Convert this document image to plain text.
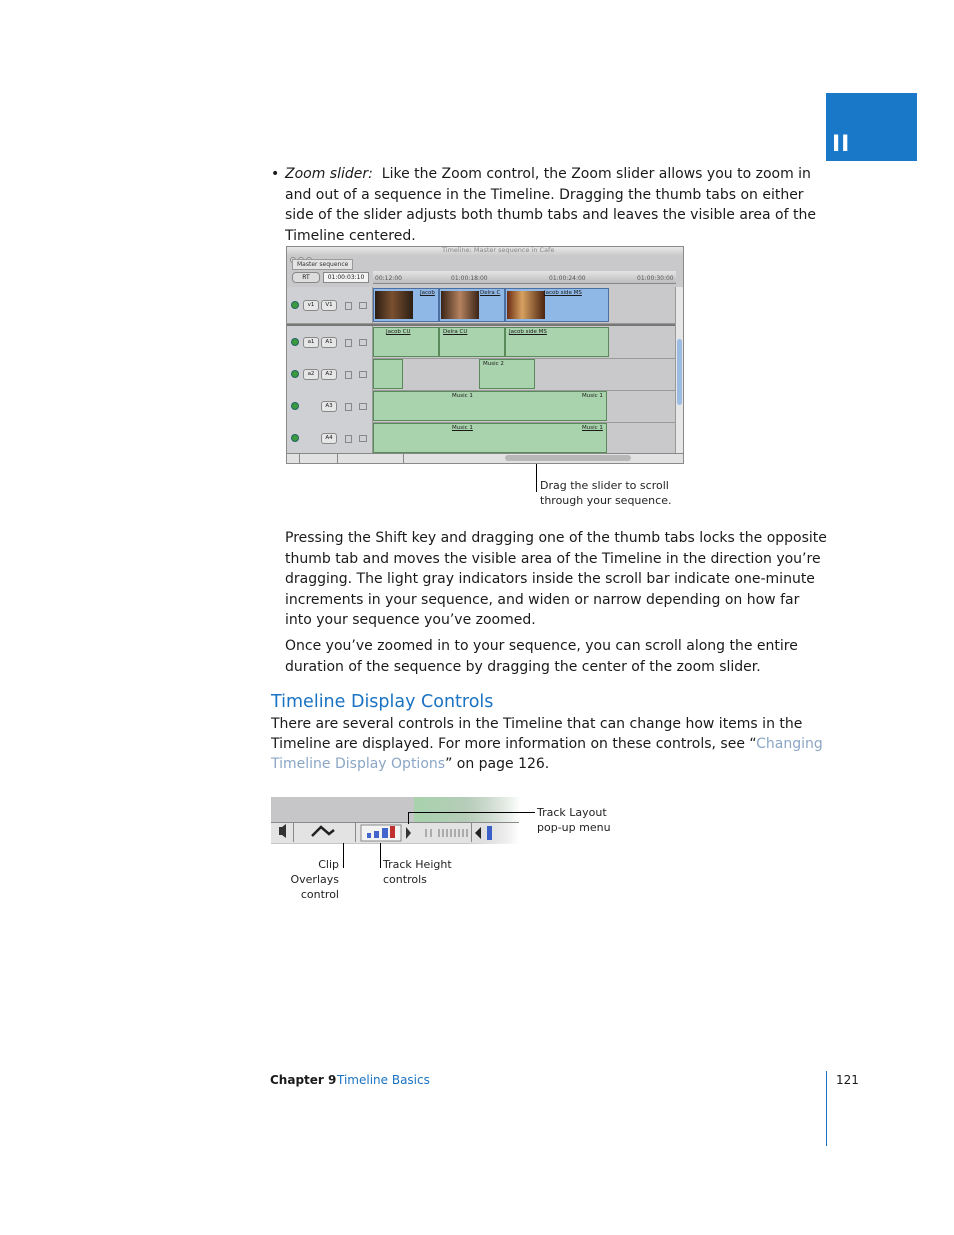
II
• Zoom slider: Like the Zoom control, the Zoom slider allows you to zoom in and out of a sequence in the Timeline. Dragging the thumb tabs on either side of the slider adjusts both thumb tabs and leaves the visible area of the Timeline centered.
Timeline: Master sequence in Cafe
Master sequence
RT	01:00:03:10	00:12:00	01:00:18:00	01:00:24:00	01:00:30:00
v1	V1
Jacob	Delra C	Jacob side MS
a1	A1
Jacob CU	Delra CU	Jacob side MS
a2	A2
Music 2
A3
Music 1	Music 1
A4
Music 1	Music 1
Drag the slider to scroll
through your sequence.

Pressing the Shift key and dragging one of the thumb tabs locks the opposite thumb tab and moves the visible area of the Timeline in the direction you’re dragging. The light gray indicators inside the scroll bar indicate one-minute increments in your sequence, and widen or narrow depending on how far into your sequence you’ve zoomed.

Once you’ve zoomed in to your sequence, you can scroll along the entire duration of the sequence by dragging the center of the zoom slider.

Timeline Display Controls

There are several controls in the Timeline that can change how items in the Timeline are displayed. For more information on these controls, see “Changing Timeline Display Options” on page 126.

Track Layout
pop-up menu
Clip Overlays
control
Track Height
controls
Chapter 9 Timeline Basics	121
